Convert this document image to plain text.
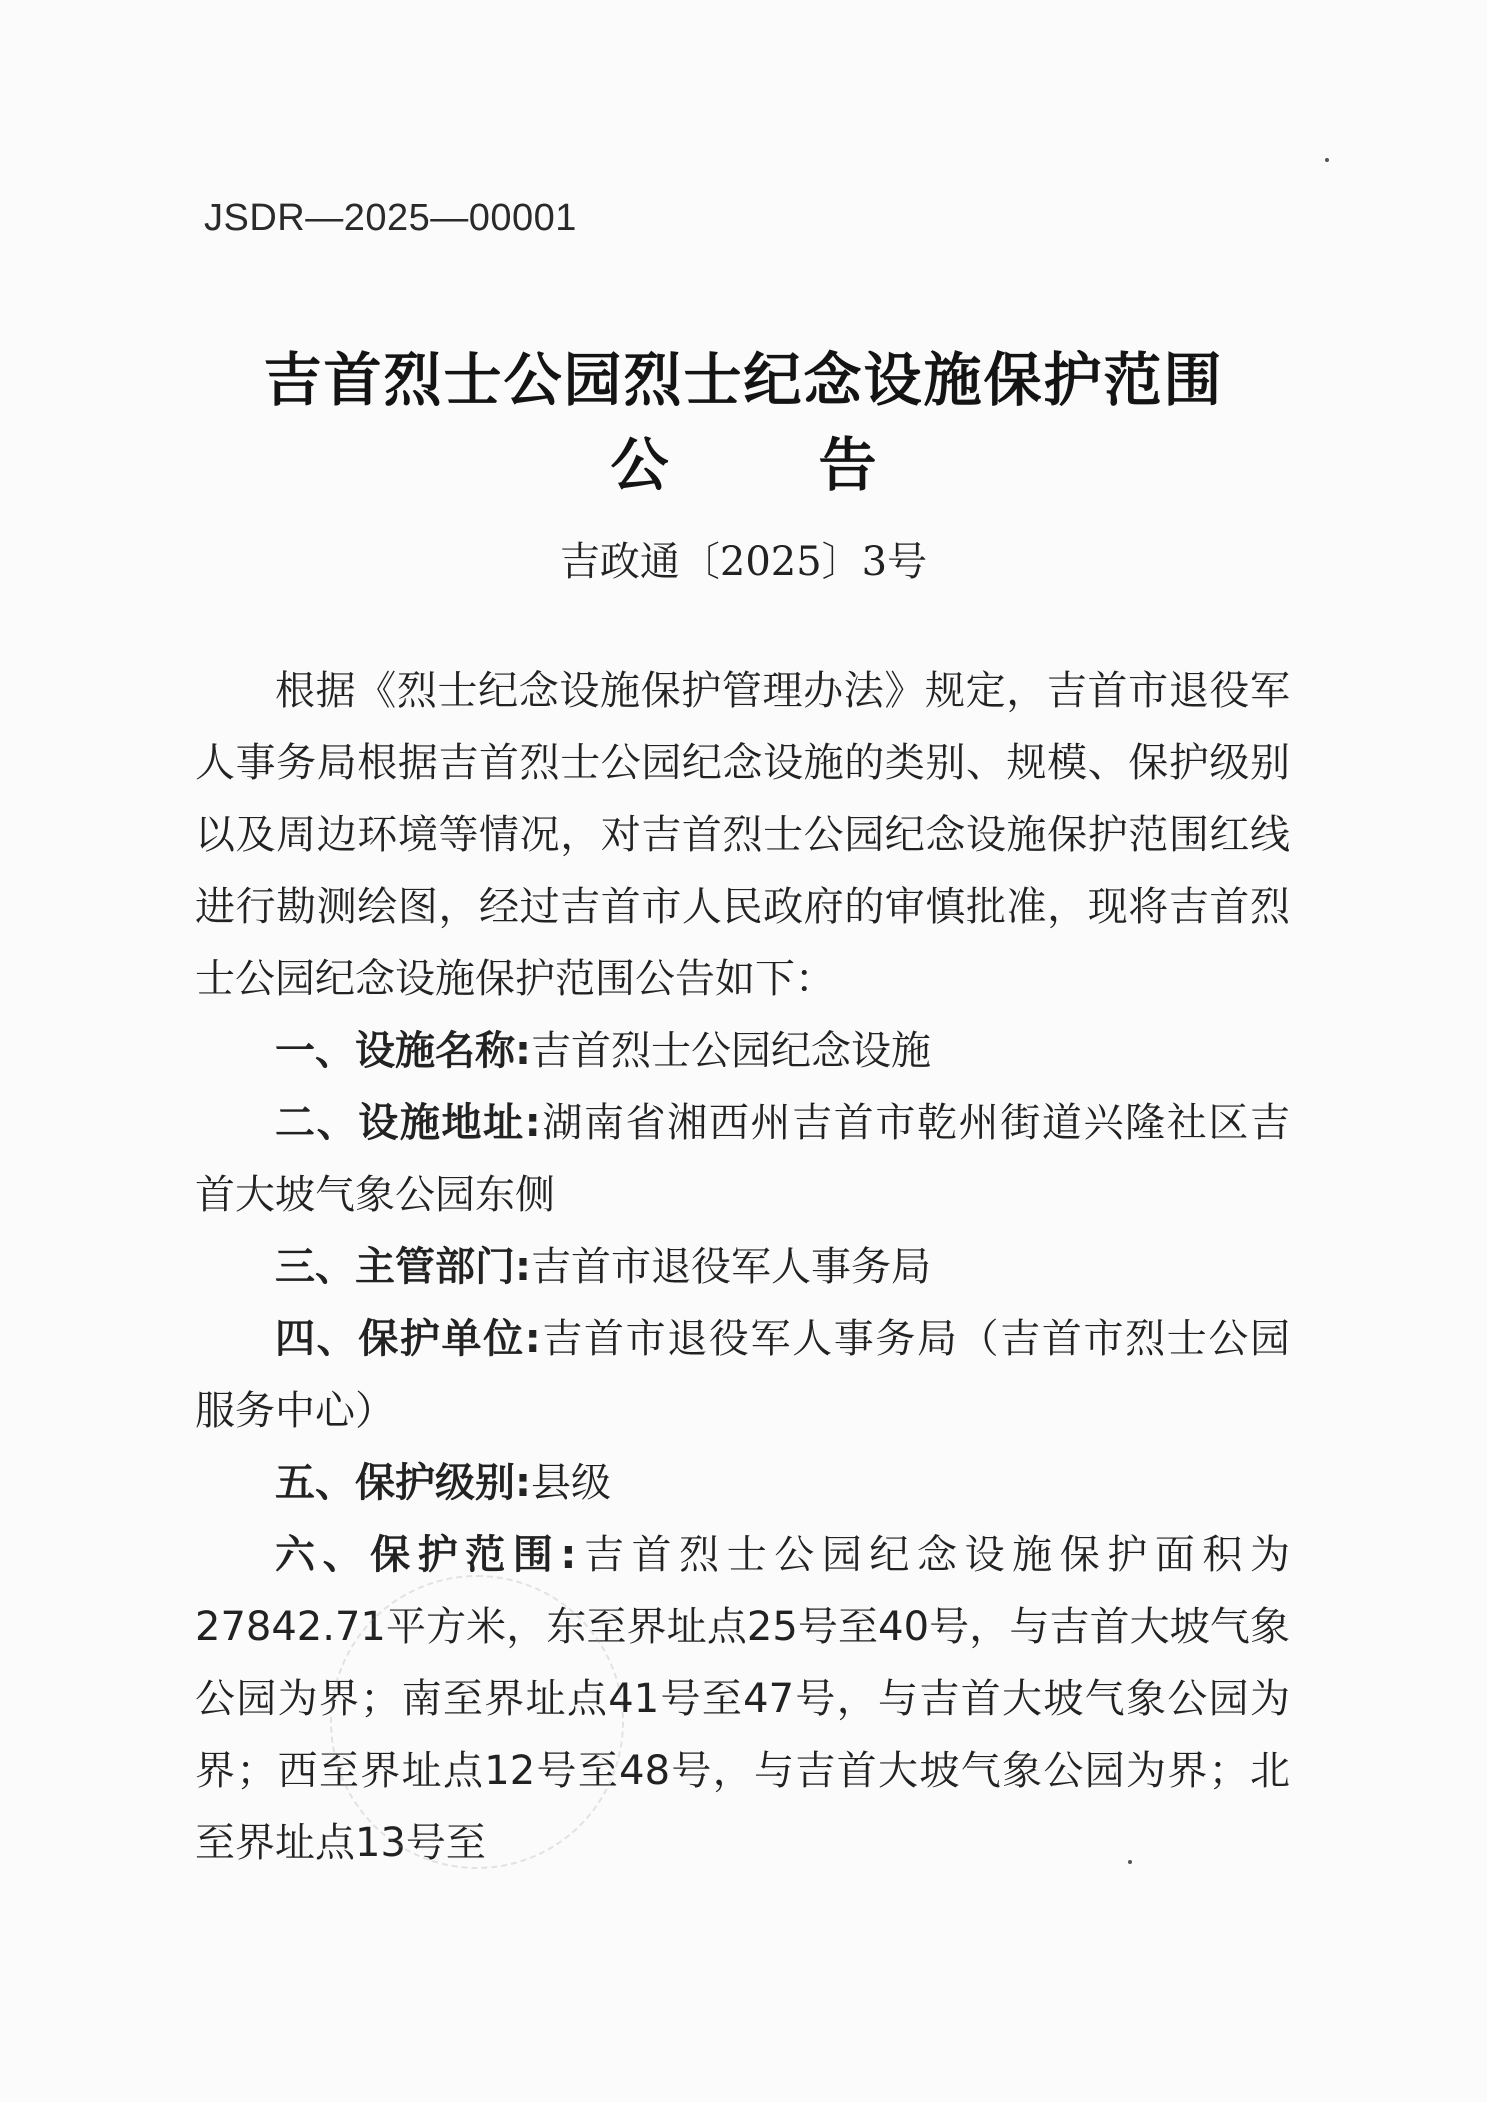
JSDR—2025—00001
吉首烈士公园烈士纪念设施保护范围
公	告
吉政通〔2025〕3号

根据《烈士纪念设施保护管理办法》规定，吉首市退役军人事务局根据吉首烈士公园纪念设施的类别、规模、保护级别以及周边环境等情况，对吉首烈士公园纪念设施保护范围红线进行勘测绘图，经过吉首市人民政府的审慎批准，现将吉首烈士公园纪念设施保护范围公告如下：

一、设施名称:吉首烈士公园纪念设施

二、设施地址:湖南省湘西州吉首市乾州街道兴隆社区吉首大坡气象公园东侧

三、主管部门:吉首市退役军人事务局

四、保护单位:吉首市退役军人事务局（吉首市烈士公园服务中心）

五、保护级别:县级

六、保护范围:吉首烈士公园纪念设施保护面积为27842.71平方米，东至界址点25号至40号，与吉首大坡气象公园为界；南至界址点41号至47号，与吉首大坡气象公园为界；西至界址点12号至48号，与吉首大坡气象公园为界；北至界址点13号至
